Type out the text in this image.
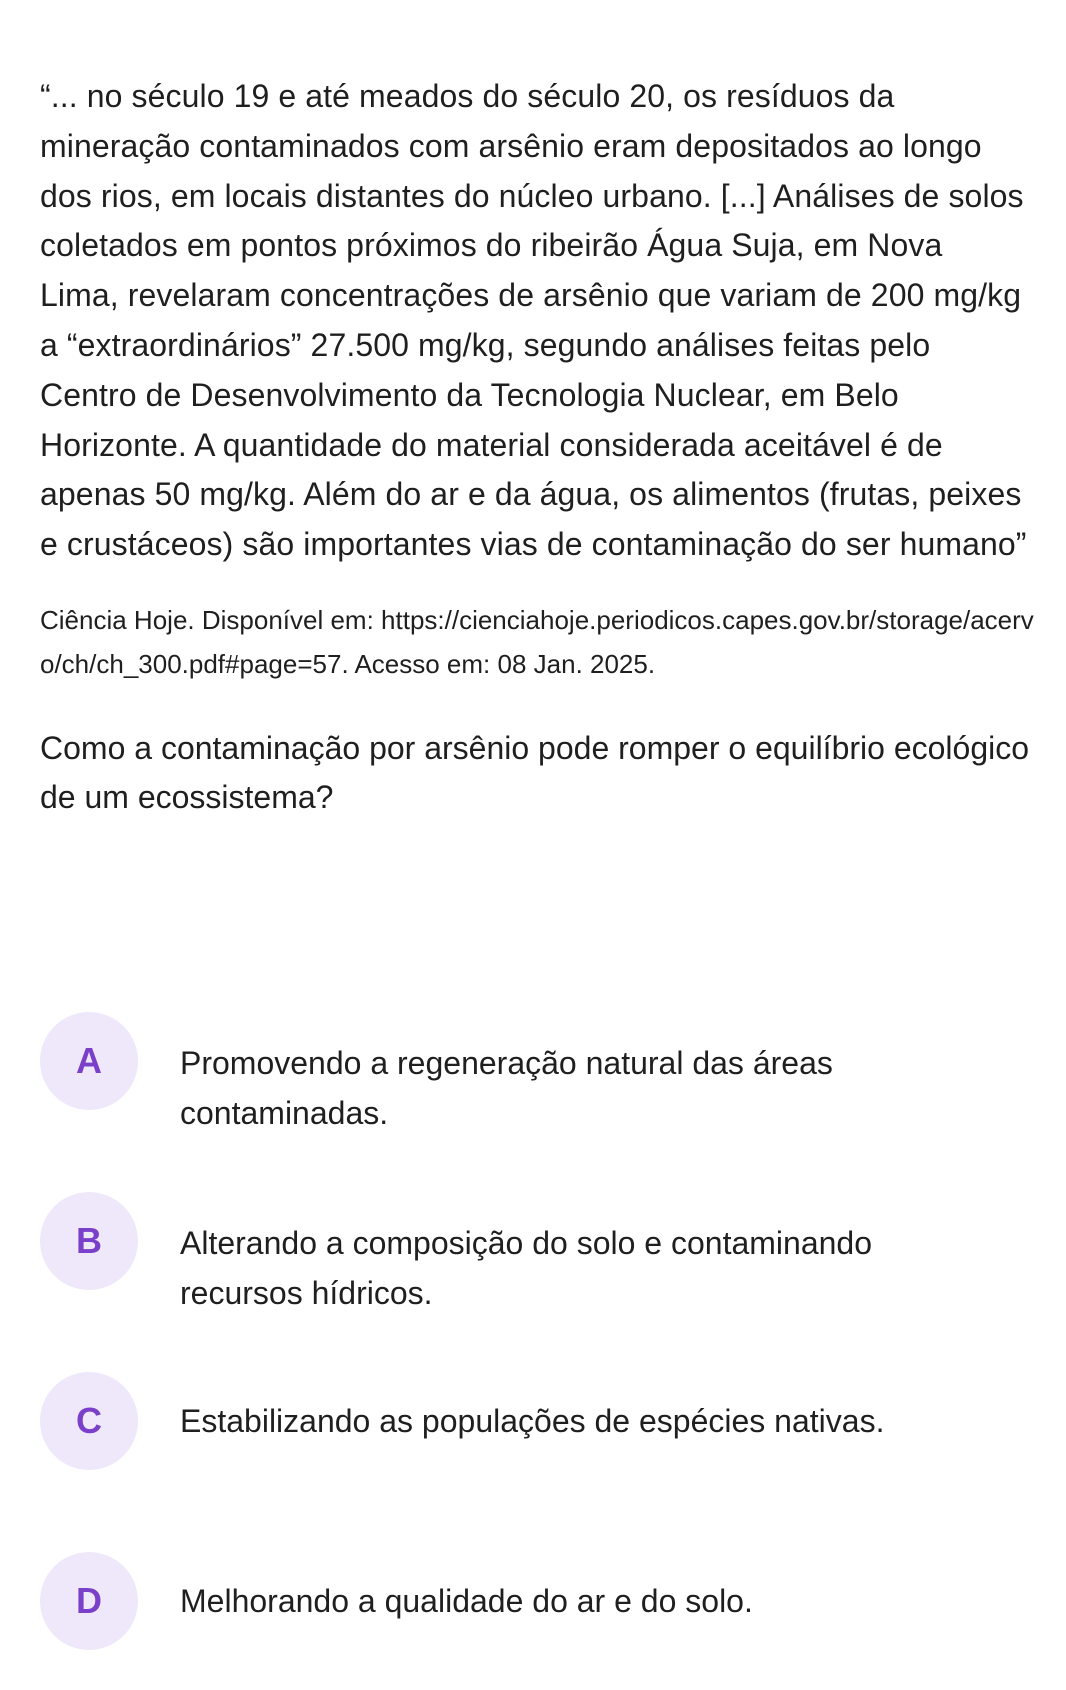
“... no século 19 e até meados do século 20, os resíduos da mineração contaminados com arsênio eram depositados ao longo dos rios, em locais distantes do núcleo urbano. [...] Análises de solos coletados em pontos próximos do ribeirão Água Suja, em Nova Lima, revelaram concentrações de arsênio que variam de 200 mg/kg a “extraordinários” 27.500 mg/kg, segundo análises feitas pelo Centro de Desenvolvimento da Tecnologia Nuclear, em Belo Horizonte. A quantidade do material considerada aceitável é de apenas 50 mg/kg. Além do ar e da água, os alimentos (frutas, peixes e crustáceos) são importantes vias de contaminação do ser humano”

Ciência Hoje. Disponível em: https://cienciahoje.periodicos.capes.gov.br/storage/acervo/ch/ch_300.pdf#page=57. Acesso em: 08 Jan. 2025.
Como a contaminação por arsênio pode romper o equilíbrio ecológico de um ecossistema?
A Promovendo a regeneração natural das áreas contaminadas.
B Alterando a composição do solo e contaminando recursos hídricos.
C Estabilizando as populações de espécies nativas.
D Melhorando a qualidade do ar e do solo.
